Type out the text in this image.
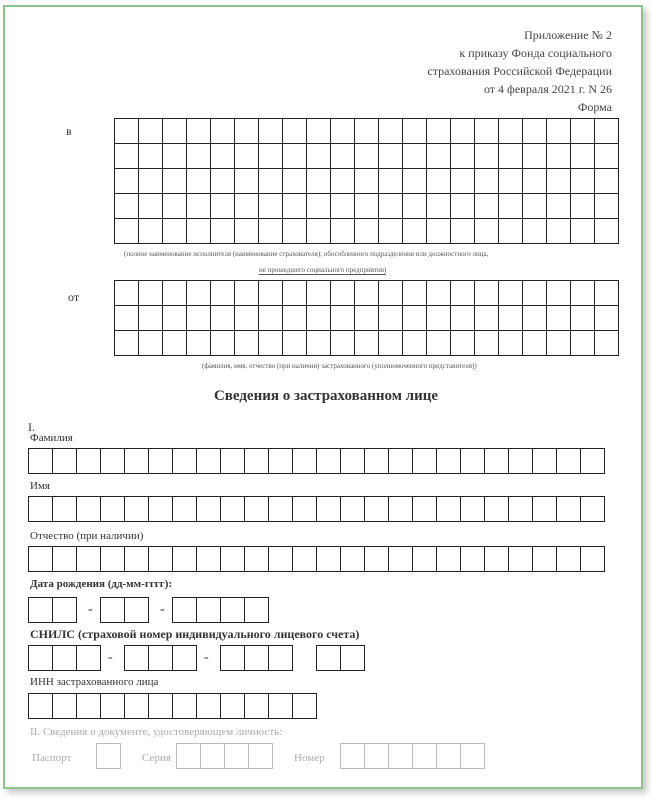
Приложение № 2
к приказу Фонда социального
страхования Российской Федерации
от 4 февраля 2021 г. N 26
Форма
в

(полное наименование исполнителя (наименование страхователя); обособленного подразделения или должностного лица,
не прошедшего социального предприятия)
от

(фамилия, имя, отчество (при наличии) застрахованного (уполномоченного представителя))
Сведения о застрахованном лице
I.
Фамилия

Имя

Отчество (при наличии)

Дата рождения (дд-мм-гггг):

-
		-

СНИЛС (страховой номер индивидуального лицевого счета)

-
			-

ИНН застрахованного лица

II. Сведения о документе, удостоверяющем личность:
Паспорт	Серия
				Номер
